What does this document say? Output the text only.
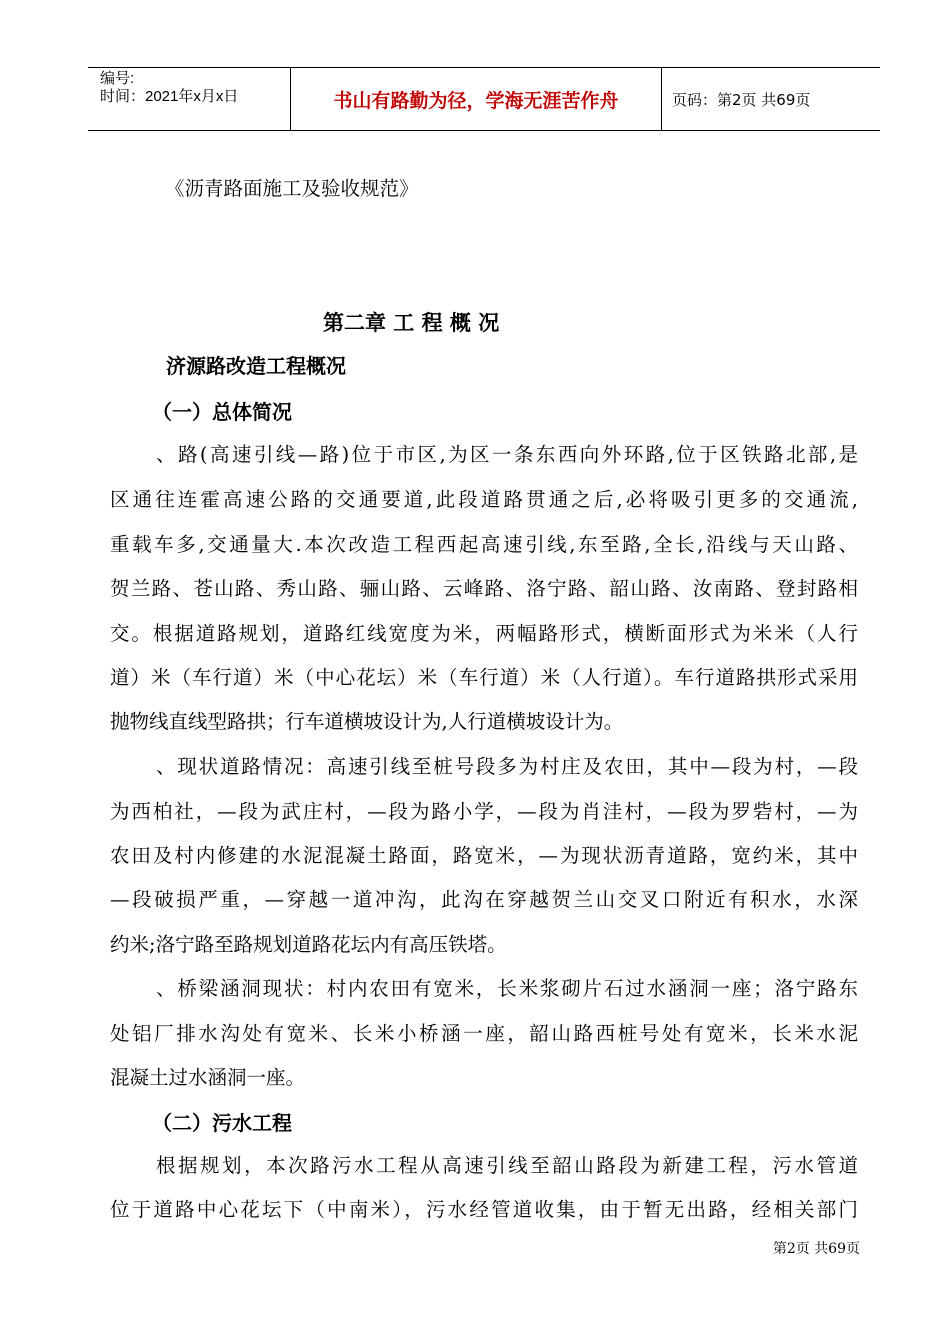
编号:
时间：2021年x月x日	书山有路勤为径，学海无涯苦作舟	页码：第2页 共69页
《沥青路面施工及验收规范》
第二章 工 程 概 况
济源路改造工程概况
（一）总体简况
、路(高速引线—路)位于市区,为区一条东西向外环路,位于区铁路北部,是
区通往连霍高速公路的交通要道,此段道路贯通之后,必将吸引更多的交通流,
重载车多,交通量大.本次改造工程西起高速引线,东至路,全长,沿线与天山路、
贺兰路、苍山路、秀山路、骊山路、云峰路、洛宁路、韶山路、汝南路、登封路相
交。根据道路规划，道路红线宽度为米，两幅路形式，横断面形式为米米（人行
道）米（车行道）米（中心花坛）米（车行道）米（人行道）。车行道路拱形式采用
抛物线直线型路拱；行车道横坡设计为,人行道横坡设计为。
、现状道路情况：高速引线至桩号段多为村庄及农田，其中—段为村，—段
为西柏社，—段为武庄村，—段为路小学，—段为肖洼村，—段为罗砦村，—为
农田及村内修建的水泥混凝土路面，路宽米，—为现状沥青道路，宽约米，其中
—段破损严重，—穿越一道冲沟，此沟在穿越贺兰山交叉口附近有积水，水深
约米;洛宁路至路规划道路花坛内有高压铁塔。
、桥梁涵洞现状：村内农田有宽米，长米浆砌片石过水涵洞一座；洛宁路东
处铝厂排水沟处有宽米、长米小桥涵一座，韶山路西桩号处有宽米，长米水泥
混凝土过水涵洞一座。
根据规划，本次路污水工程从高速引线至韶山路段为新建工程，污水管道
位于道路中心花坛下（中南米），污水经管道收集，由于暂无出路，经相关部门
（二）污水工程
第2页 共69页
